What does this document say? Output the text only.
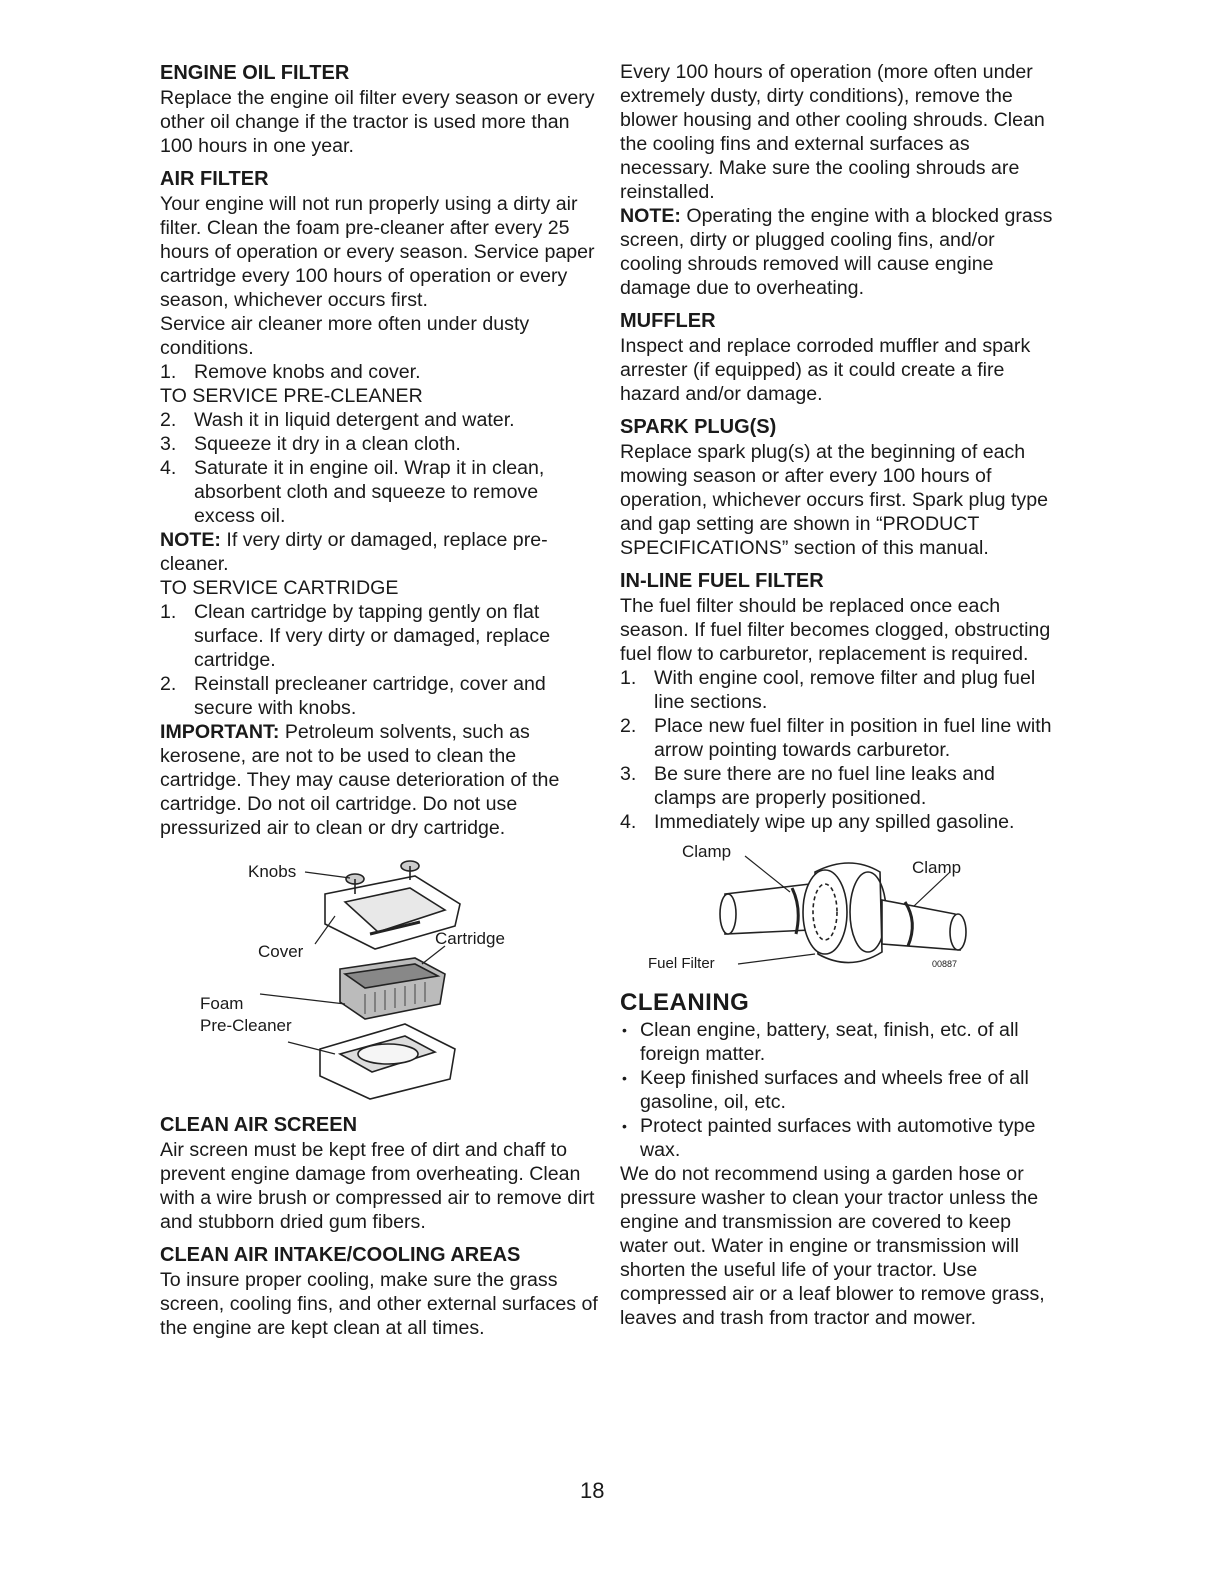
ENGINE OIL FILTER

Replace the engine oil filter every season or every other oil change if the tractor is used more than 100 hours in one year.

AIR FILTER

Your engine will not run properly using a dirty air filter. Clean the foam pre-cleaner after every 25 hours of operation or every season. Service paper cartridge every 100 hours of operation or every season, whichever occurs first.

Service air cleaner more often under dusty conditions.

1. Remove knobs and cover.

TO SERVICE PRE-CLEANER

2. Wash it in liquid detergent and water.
3. Squeeze it dry in a clean cloth.
4. Saturate it in engine oil. Wrap it in clean, absorbent cloth and squeeze to remove excess oil.

NOTE: If very dirty or damaged, replace pre-cleaner.

TO SERVICE CARTRIDGE

1. Clean cartridge by tapping gently on flat surface. If very dirty or damaged, replace cartridge.
2. Reinstall precleaner cartridge, cover and secure with knobs.

IMPORTANT: Petroleum solvents, such as kerosene, are not to be used to clean the cartridge. They may cause deterioration of the cartridge. Do not oil cartridge. Do not use pressurized air to clean or dry cartridge.

Knobs
Cover
Cartridge
Foam
Pre-Cleaner
CLEAN AIR SCREEN

Air screen must be kept free of dirt and chaff to prevent engine damage from overheating. Clean with a wire brush or compressed air to remove dirt and stubborn dried gum fibers.

CLEAN AIR INTAKE/COOLING AREAS

To insure proper cooling, make sure the grass screen, cooling fins, and other external surfaces of the engine are kept clean at all times.

Every 100 hours of operation (more often under extremely dusty, dirty conditions), remove the blower housing and other cooling shrouds. Clean the cooling fins and external surfaces as necessary. Make sure the cooling shrouds are reinstalled.

NOTE: Operating the engine with a blocked grass screen, dirty or plugged cooling fins, and/or cooling shrouds removed will cause engine damage due to overheating.

MUFFLER

Inspect and replace corroded muffler and spark arrester (if equipped) as it could create a fire hazard and/or damage.

SPARK PLUG(S)

Replace spark plug(s) at the beginning of each mowing season or after every 100 hours of operation, whichever occurs first. Spark plug type and gap setting are shown in “PRODUCT SPECIFICATIONS” section of this manual.

IN-LINE FUEL FILTER

The fuel filter should be replaced once each season. If fuel filter becomes clogged, obstructing fuel flow to carburetor, replacement is required.

1. With engine cool, remove filter and plug fuel line sections.
2. Place new fuel filter in position in fuel line with arrow pointing towards carburetor.
3. Be sure there are no fuel line leaks and clamps are properly positioned.
4. Immediately wipe up any spilled gasoline.
Clamp
Clamp
Fuel Filter	00887
CLEANING
• Clean engine, battery, seat, finish, etc. of all foreign matter.
• Keep finished surfaces and wheels free of all gasoline, oil, etc.
• Protect painted surfaces with automotive type wax.

We do not recommend using a garden hose or pressure washer to clean your tractor unless the engine and transmission are covered to keep water out. Water in engine or transmission will shorten the useful life of your tractor. Use compressed air or a leaf blower to remove grass, leaves and trash from tractor and mower.

18
